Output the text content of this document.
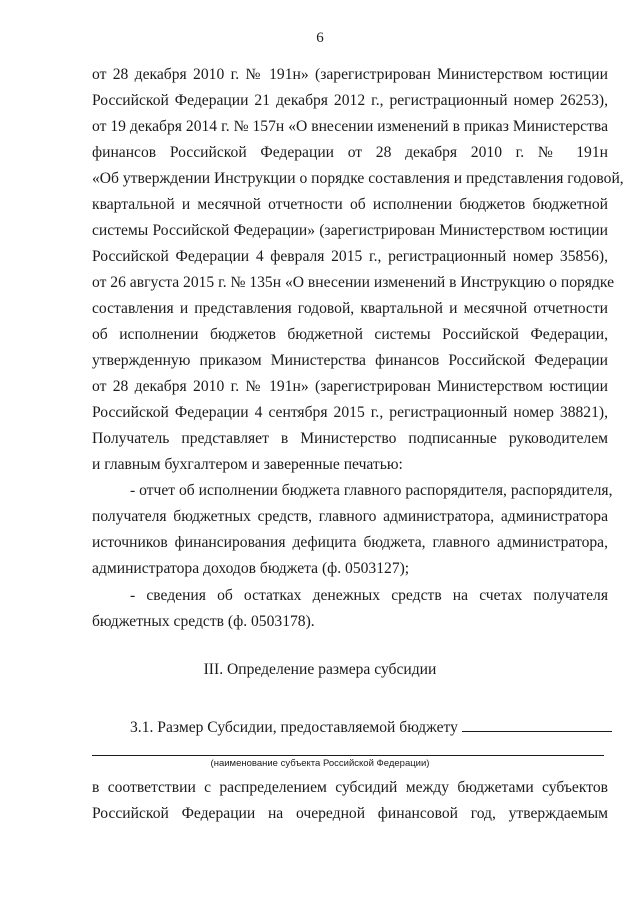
6
от 28 декабря 2010 г. № 191н» (зарегистрирован Министерством юстиции
Российской Федерации 21 декабря 2012 г., регистрационный номер 26253),
от 19 декабря 2014 г. № 157н «О внесении изменений в приказ Министерства
финансов Российской Федерации от 28 декабря 2010 г. № 191н
«Об утверждении Инструкции о порядке составления и представления годовой,
квартальной и месячной отчетности об исполнении бюджетов бюджетной
системы Российской Федерации» (зарегистрирован Министерством юстиции
Российской Федерации 4 февраля 2015 г., регистрационный номер 35856),
от 26 августа 2015 г. № 135н «О внесении изменений в Инструкцию о порядке
составления и представления годовой, квартальной и месячной отчетности
об исполнении бюджетов бюджетной системы Российской Федерации,
утвержденную приказом Министерства финансов Российской Федерации
от 28 декабря 2010 г. № 191н» (зарегистрирован Министерством юстиции
Российской Федерации 4 сентября 2015 г., регистрационный номер 38821),
Получатель представляет в Министерство подписанные руководителем
и главным бухгалтером и заверенные печатью:
- отчет об исполнении бюджета главного распорядителя, распорядителя,
получателя бюджетных средств, главного администратора, администратора
источников финансирования дефицита бюджета, главного администратора,
администратора доходов бюджета (ф. 0503127);
- сведения об остатках денежных средств на счетах получателя
бюджетных средств (ф. 0503178).
III. Определение размера субсидии
3.1. Размер Субсидии, предоставляемой бюджету
(наименование субъекта Российской Федерации)
в соответствии с распределением субсидий между бюджетами субъектов
Российской Федерации на очередной финансовой год, утверждаемым
